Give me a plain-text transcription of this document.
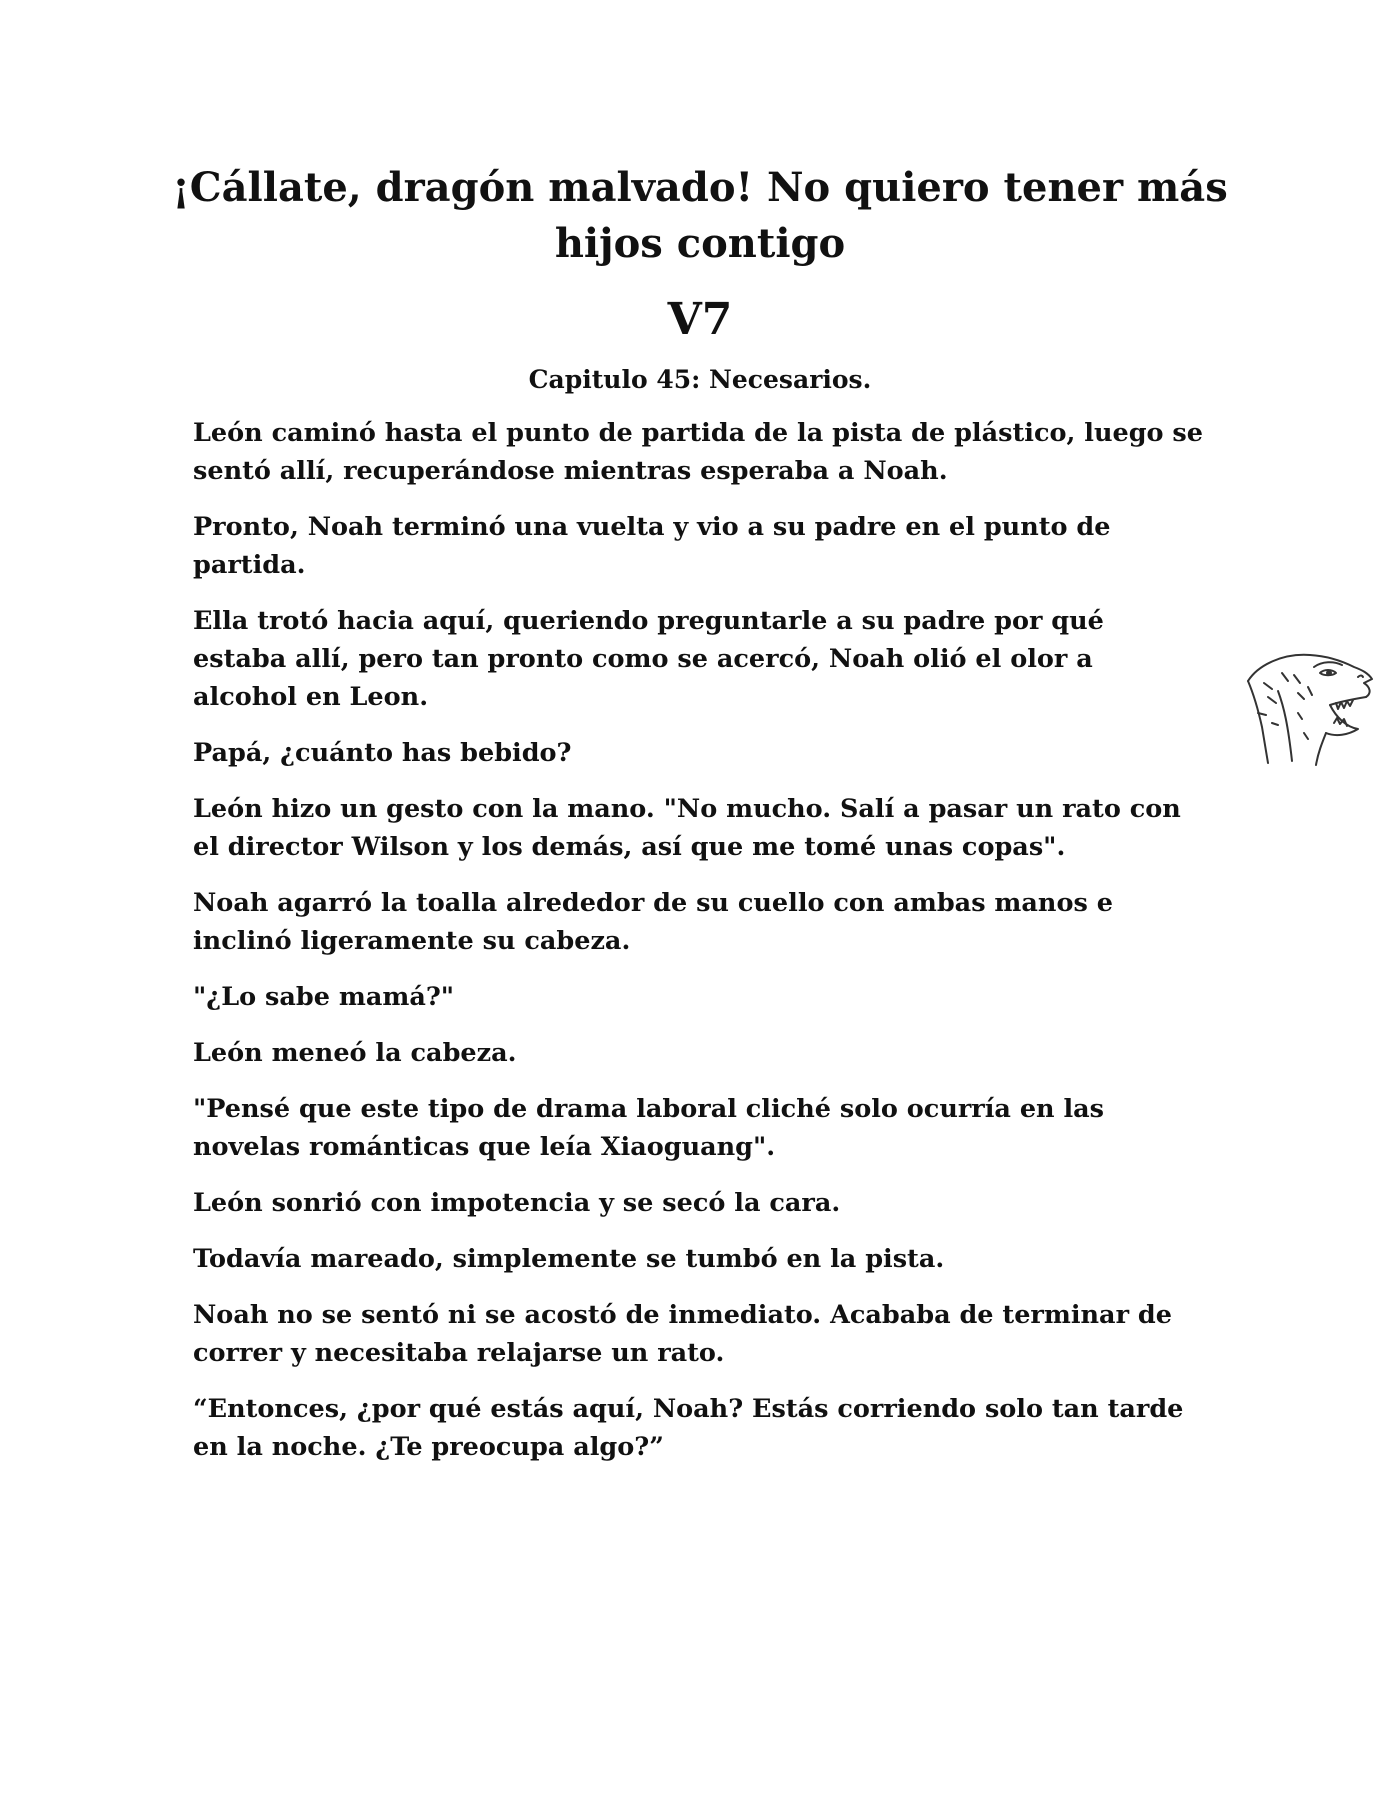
¡Cállate, dragón malvado! No quiero tener más hijos contigo
V7
Capitulo 45: Necesarios.

León caminó hasta el punto de partida de la pista de plástico, luego se sentó allí, recuperándose mientras esperaba a Noah.

Pronto, Noah terminó una vuelta y vio a su padre en el punto de partida.

Ella trotó hacia aquí, queriendo preguntarle a su padre por qué estaba allí, pero tan pronto como se acercó, Noah olió el olor a alcohol en Leon.

Papá, ¿cuánto has bebido?

León hizo un gesto con la mano. "No mucho. Salí a pasar un rato con el director Wilson y los demás, así que me tomé unas copas".

Noah agarró la toalla alrededor de su cuello con ambas manos e inclinó ligeramente su cabeza.

"¿Lo sabe mamá?"

León meneó la cabeza.

"Pensé que este tipo de drama laboral cliché solo ocurría en las novelas románticas que leía Xiaoguang".

León sonrió con impotencia y se secó la cara.

Todavía mareado, simplemente se tumbó en la pista.

Noah no se sentó ni se acostó de inmediato. Acababa de terminar de correr y necesitaba relajarse un rato.

“Entonces, ¿por qué estás aquí, Noah? Estás corriendo solo tan tarde en la noche. ¿Te preocupa algo?”
